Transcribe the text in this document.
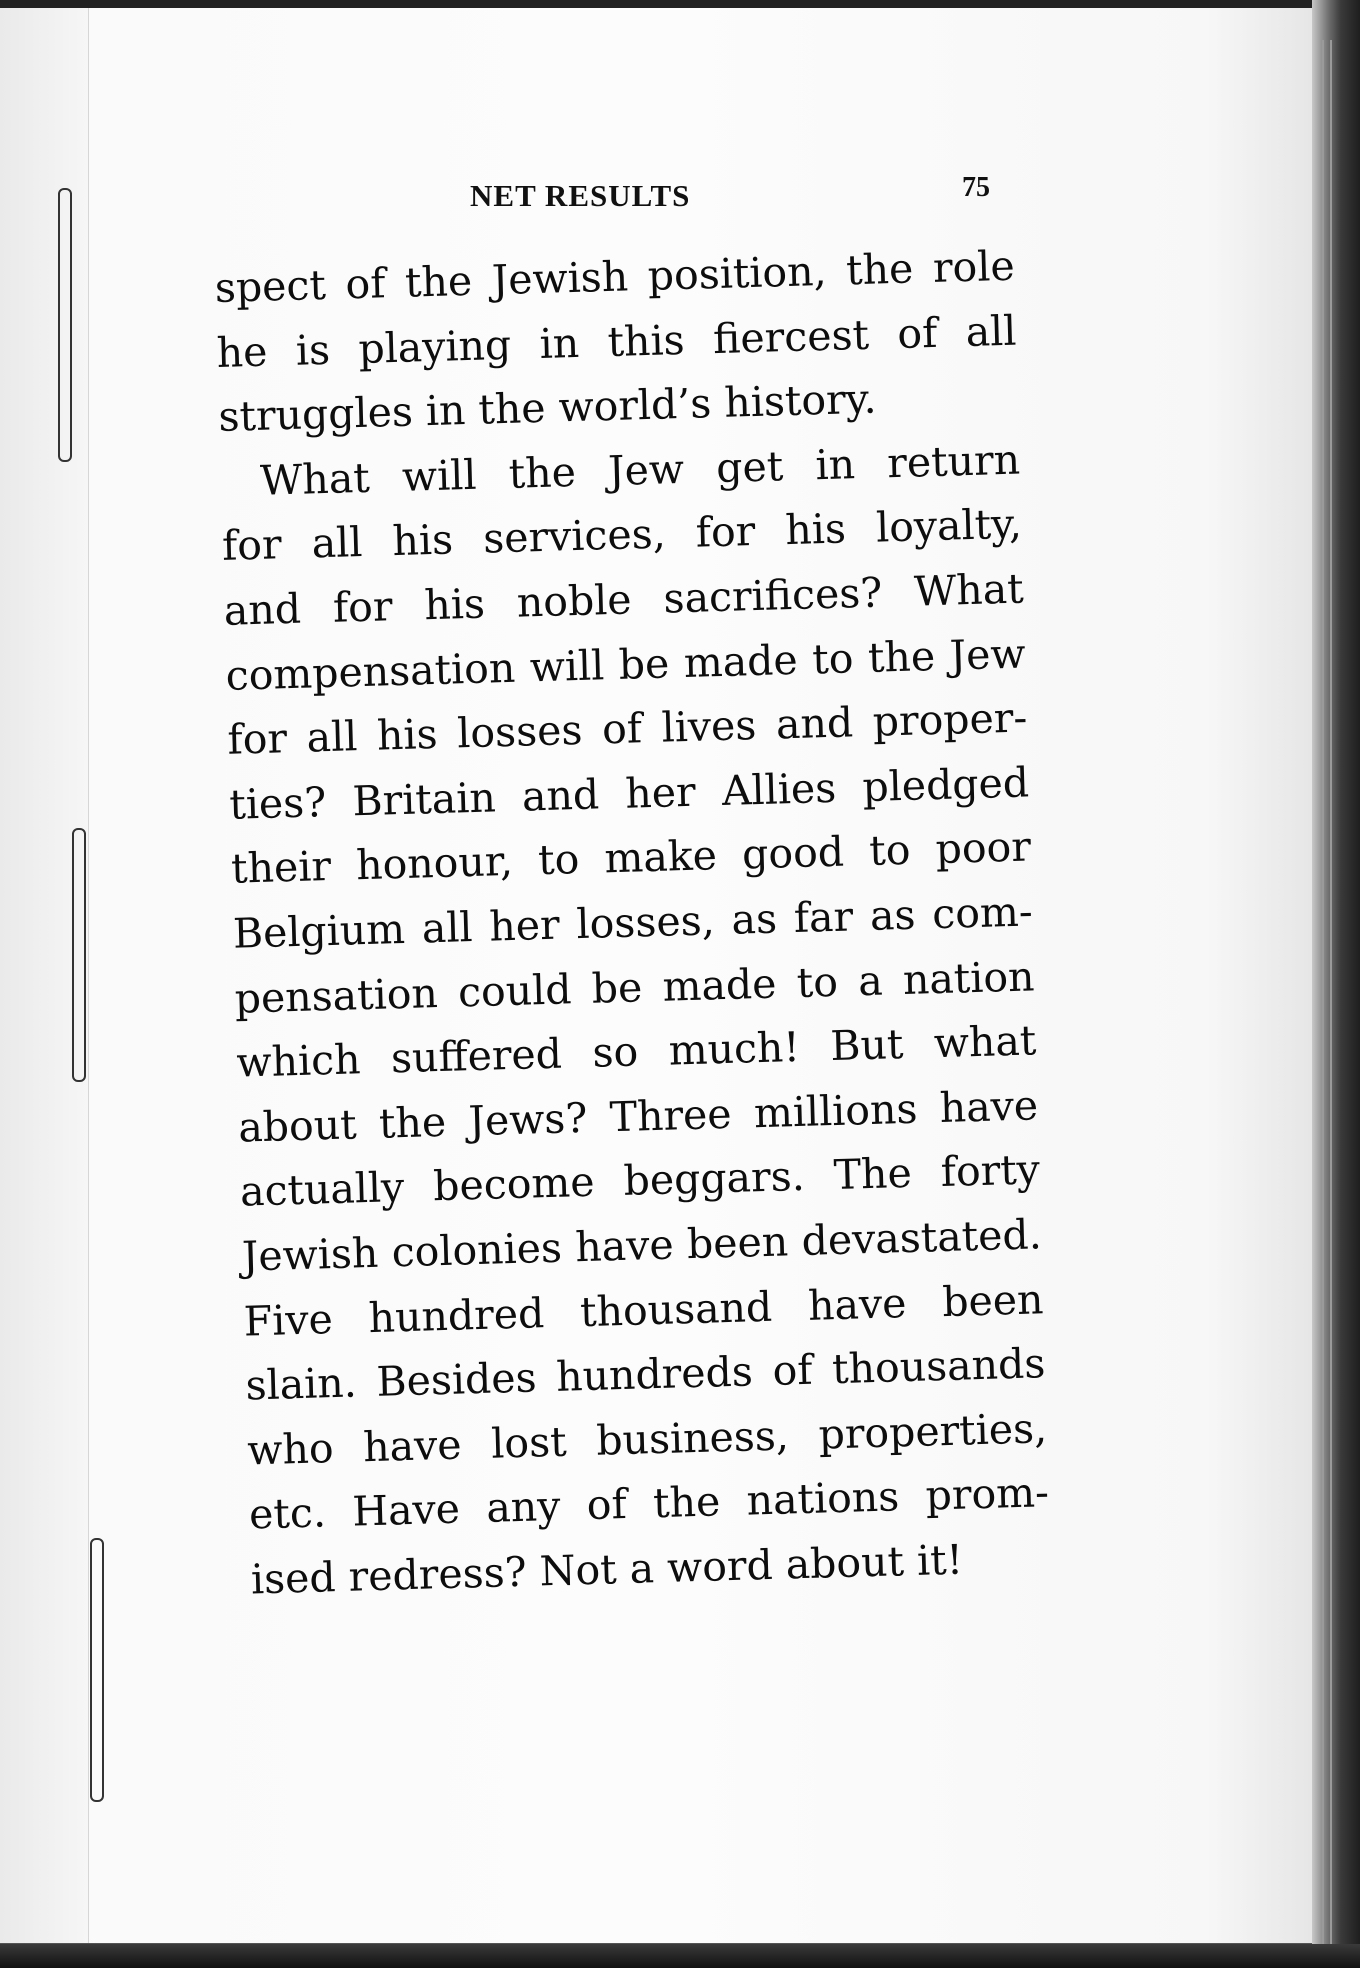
NET RESULTS	75

spect of the Jewish position, the role
he is playing in this fiercest of all
struggles in the world’s history.

What will the Jew get in return
for all his services, for his loyalty,
and for his noble sacrifices? What
compensation will be made to the Jew
for all his losses of lives and proper-
ties? Britain and her Allies pledged
their honour, to make good to poor
Belgium all her losses, as far as com-
pensation could be made to a nation
which suffered so much! But what
about the Jews? Three millions have
actually become beggars. The forty
Jewish colonies have been devastated.
Five hundred thousand have been
slain. Besides hundreds of thousands
who have lost business, properties,
etc. Have any of the nations prom-
ised redress? Not a word about it!
